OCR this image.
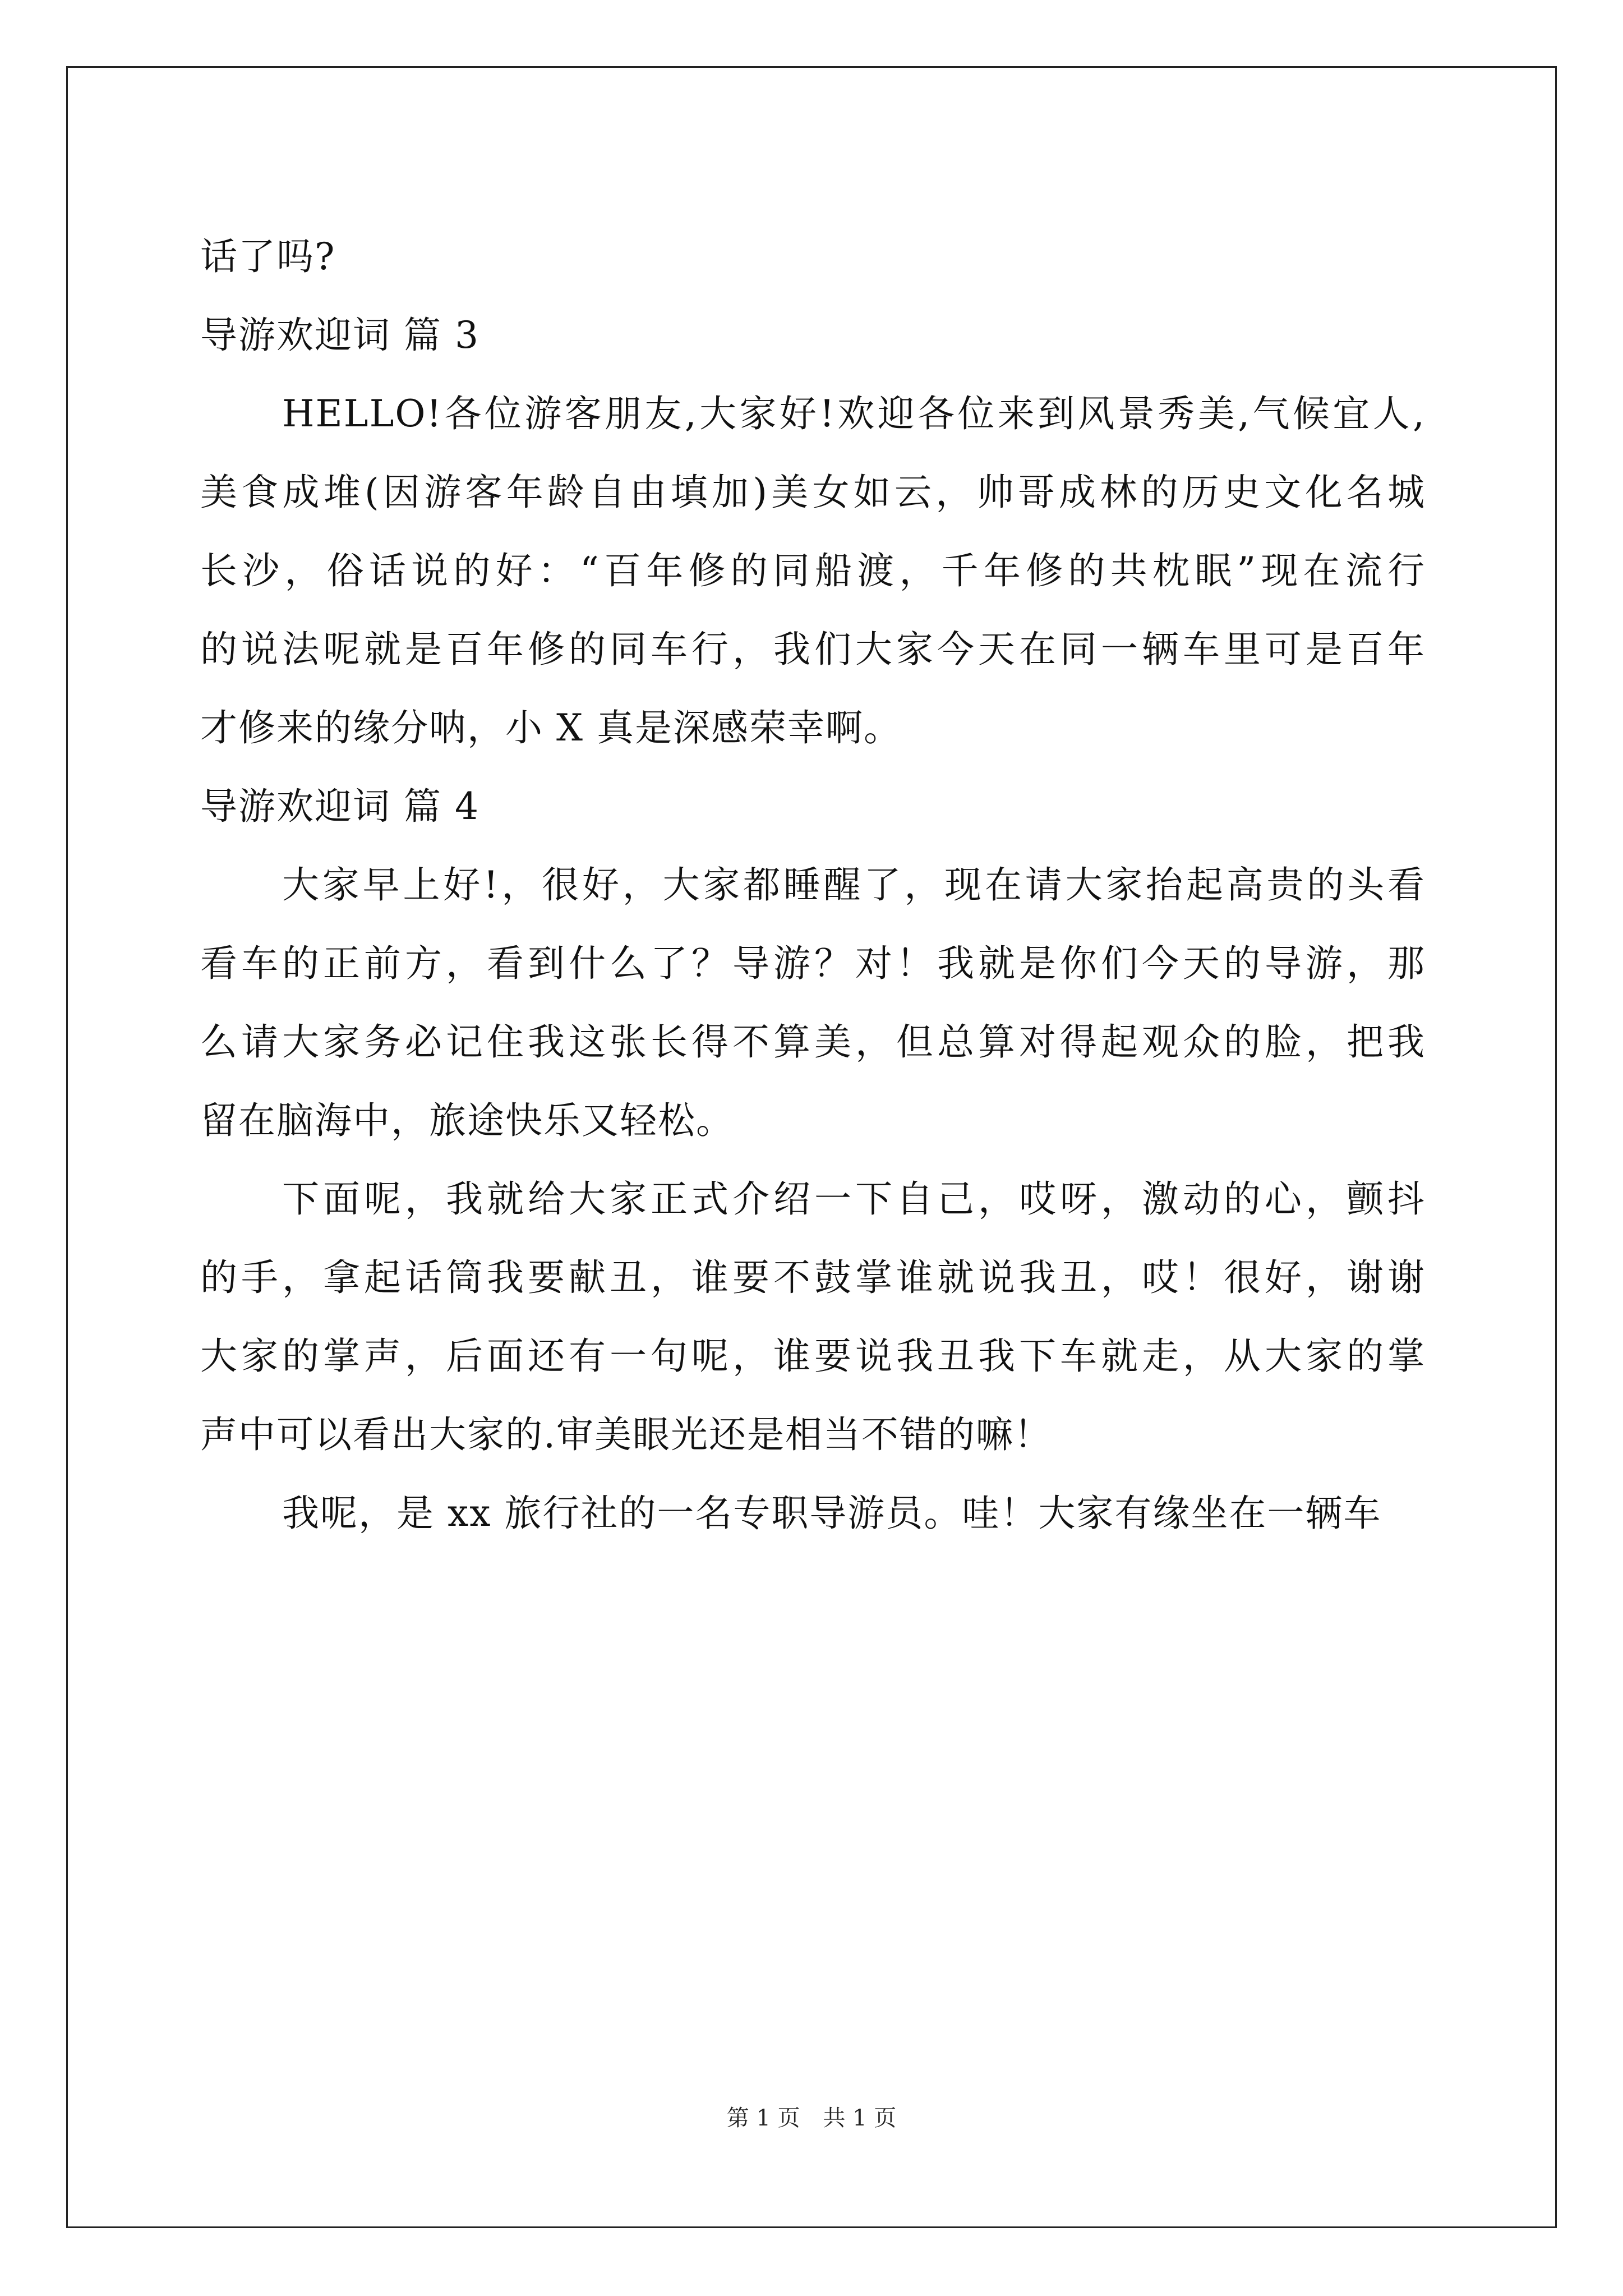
话了吗?
导游欢迎词 篇 3
HELLO!各位游客朋友,大家好!欢迎各位来到风景秀美,气候宜人,
美食成堆(因游客年龄自由填加)美女如云，帅哥成林的历史文化名城
长沙，俗话说的好：“百年修的同船渡，千年修的共枕眠”现在流行
的说法呢就是百年修的同车行，我们大家今天在同一辆车里可是百年
才修来的缘分呐，小 X 真是深感荣幸啊。
导游欢迎词 篇 4
大家早上好!，很好，大家都睡醒了，现在请大家抬起高贵的头看
看车的正前方，看到什么了？导游？对！我就是你们今天的导游，那
么请大家务必记住我这张长得不算美，但总算对得起观众的脸，把我
留在脑海中，旅途快乐又轻松。
下面呢，我就给大家正式介绍一下自己，哎呀，激动的心，颤抖
的手，拿起话筒我要献丑，谁要不鼓掌谁就说我丑，哎！很好，谢谢
大家的掌声，后面还有一句呢，谁要说我丑我下车就走，从大家的掌
声中可以看出大家的.审美眼光还是相当不错的嘛！
我呢，是 xx 旅行社的一名专职导游员。哇！大家有缘坐在一辆车
第 1 页 共 1 页
